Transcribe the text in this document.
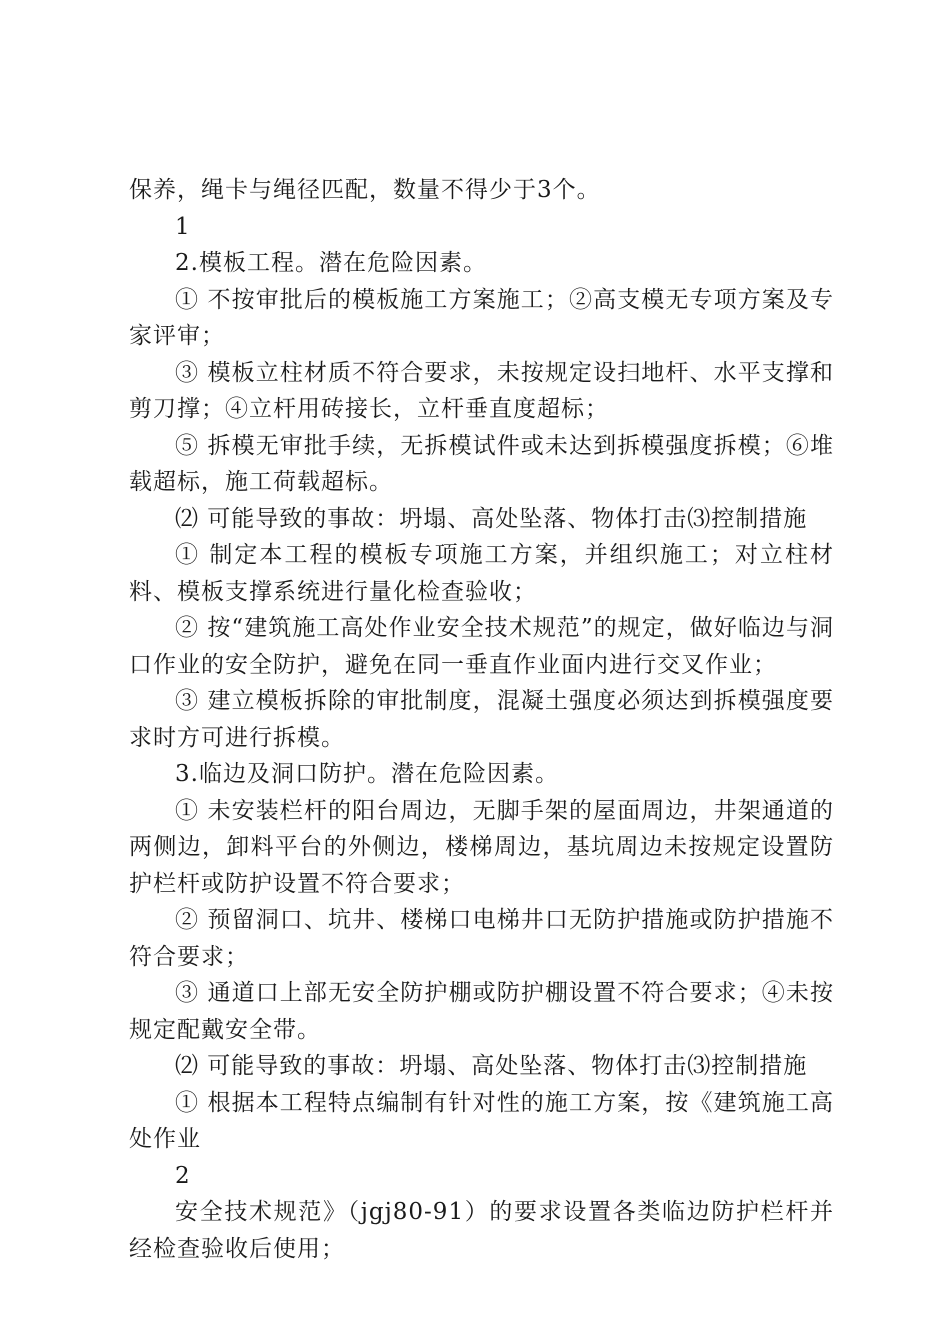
保养，绳卡与绳径匹配，数量不得少于3个。

1

2.模板工程。潜在危险因素。

① 不按审批后的模板施工方案施工；②高支模无专项方案及专家评审；

③ 模板立柱材质不符合要求，未按规定设扫地杆、水平支撑和剪刀撑；④立杆用砖接长，立杆垂直度超标；

⑤ 拆模无审批手续，无拆模试件或未达到拆模强度拆模；⑥堆载超标，施工荷载超标。

⑵ 可能导致的事故：坍塌、高处坠落、物体打击⑶控制措施

① 制定本工程的模板专项施工方案，并组织施工；对立柱材料、模板支撑系统进行量化检查验收；

② 按“建筑施工高处作业安全技术规范”的规定，做好临边与洞口作业的安全防护，避免在同一垂直作业面内进行交叉作业；

③ 建立模板拆除的审批制度，混凝土强度必须达到拆模强度要求时方可进行拆模。

3.临边及洞口防护。潜在危险因素。

① 未安装栏杆的阳台周边，无脚手架的屋面周边，井架通道的两侧边，卸料平台的外侧边，楼梯周边，基坑周边未按规定设置防护栏杆或防护设置不符合要求；

② 预留洞口、坑井、楼梯口电梯井口无防护措施或防护措施不符合要求；

③ 通道口上部无安全防护棚或防护棚设置不符合要求；④未按规定配戴安全带。

⑵ 可能导致的事故：坍塌、高处坠落、物体打击⑶控制措施

① 根据本工程特点编制有针对性的施工方案，按《建筑施工高处作业

2

安全技术规范》（jgj80-91）的要求设置各类临边防护栏杆并经检查验收后使用；
